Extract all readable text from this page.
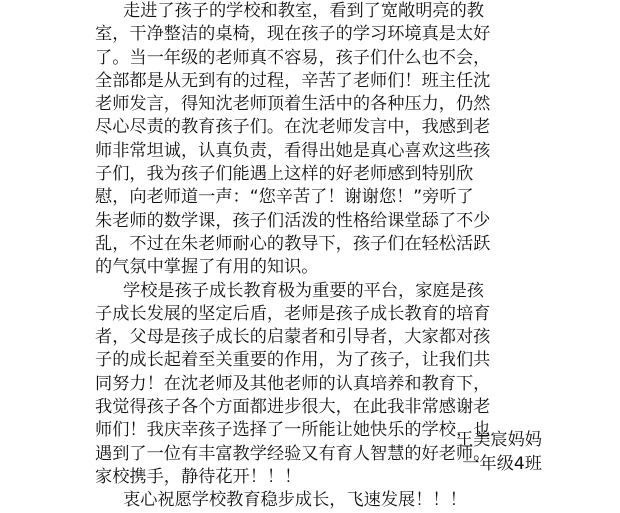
走进了孩子的学校和教室，看到了宽敞明亮的教
室，干净整洁的桌椅，现在孩子的学习环境真是太好
了。当一年级的老师真不容易，孩子们什么也不会，
全部都是从无到有的过程，辛苦了老师们！班主任沈
老师发言，得知沈老师顶着生活中的各种压力，仍然
尽心尽责的教育孩子们。在沈老师发言中，我感到老
师非常坦诚，认真负责，看得出她是真心喜欢这些孩
子们，我为孩子们能遇上这样的好老师感到特别欣
慰，向老师道一声：“您辛苦了！谢谢您！”旁听了
朱老师的数学课，孩子们活泼的性格给课堂舔了不少
乱，不过在朱老师耐心的教导下，孩子们在轻松活跃
的气氛中掌握了有用的知识。
学校是孩子成长教育极为重要的平台，家庭是孩
子成长发展的坚定后盾，老师是孩子成长教育的培育
者，父母是孩子成长的启蒙者和引导者，大家都对孩
子的成长起着至关重要的作用，为了孩子，让我们共
同努力！在沈老师及其他老师的认真培养和教育下，
我觉得孩子各个方面都进步很大，在此我非常感谢老
师们！我庆幸孩子选择了一所能让她快乐的学校，也
遇到了一位有丰富教学经验又有育人智慧的好老师。
家校携手，静待花开！！！
衷心祝愿学校教育稳步成长，飞速发展！！！
王美宸妈妈
一年级4班
